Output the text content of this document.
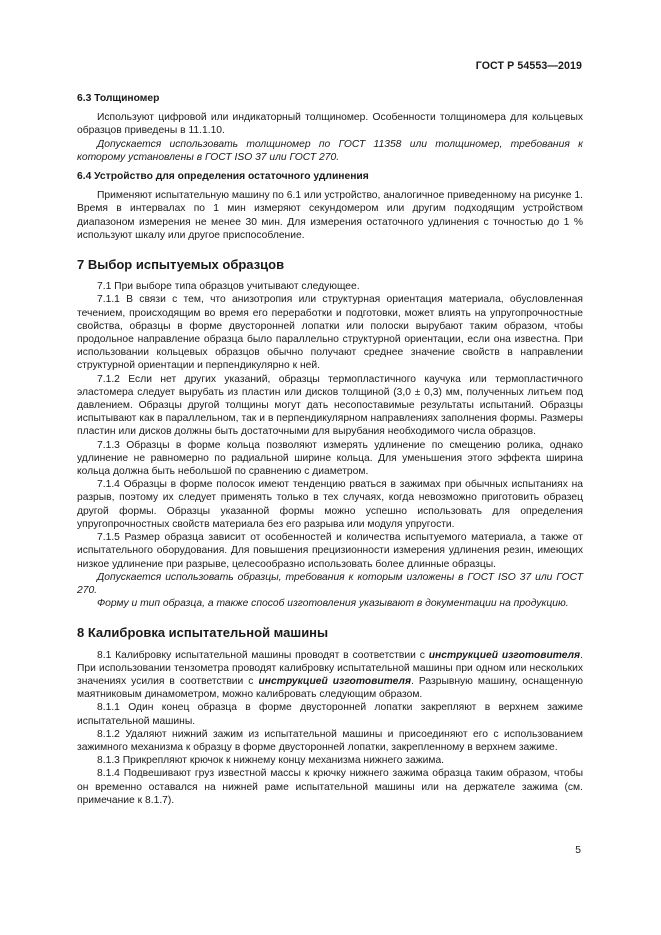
ГОСТ Р 54553—2019

6.3 Толщиномер

Используют цифровой или индикаторный толщиномер. Особенности толщиномера для кольцевых образцов приведены в 11.1.10.

Допускается использовать толщиномер по ГОСТ 11358 или толщиномер, требования к которому установлены в ГОСТ ISO 37 или ГОСТ 270.

6.4 Устройство для определения остаточного удлинения

Применяют испытательную машину по 6.1 или устройство, аналогичное приведенному на рисунке 1. Время в интервалах по 1 мин измеряют секундомером или другим подходящим устройством диапазоном измерения не менее 30 мин. Для измерения остаточного удлинения с точностью до 1 % используют шкалу или другое приспособление.

7 Выбор испытуемых образцов

7.1 При выборе типа образцов учитывают следующее.

7.1.1 В связи с тем, что анизотропия или структурная ориентация материала, обусловленная течением, происходящим во время его переработки и подготовки, может влиять на упругопрочностные свойства, образцы в форме двусторонней лопатки или полоски вырубают таким образом, чтобы продольное направление образца было параллельно структурной ориентации, если она известна. При использовании кольцевых образцов обычно получают среднее значение свойств в направлении структурной ориентации и перпендикулярно к ней.

7.1.2 Если нет других указаний, образцы термопластичного каучука или термопластичного эластомера следует вырубать из пластин или дисков толщиной (3,0 ± 0,3) мм, полученных литьем под давлением. Образцы другой толщины могут дать несопоставимые результаты испытаний. Образцы испытывают как в параллельном, так и в перпендикулярном направлениях заполнения формы. Размеры пластин или дисков должны быть достаточными для вырубания необходимого числа образцов.

7.1.3 Образцы в форме кольца позволяют измерять удлинение по смещению ролика, однако удлинение не равномерно по радиальной ширине кольца. Для уменьшения этого эффекта ширина кольца должна быть небольшой по сравнению с диаметром.

7.1.4 Образцы в форме полосок имеют тенденцию рваться в зажимах при обычных испытаниях на разрыв, поэтому их следует применять только в тех случаях, когда невозможно приготовить образец другой формы. Образцы указанной формы можно успешно использовать для определения упругопрочностных свойств материала без его разрыва или модуля упругости.

7.1.5 Размер образца зависит от особенностей и количества испытуемого материала, а также от испытательного оборудования. Для повышения прецизионности измерения удлинения резин, имеющих низкое удлинение при разрыве, целесообразно использовать более длинные образцы.

Допускается использовать образцы, требования к которым изложены в ГОСТ ISO 37 или ГОСТ 270.

Форму и тип образца, а также способ изготовления указывают в документации на продукцию.

8 Калибровка испытательной машины

8.1 Калибровку испытательной машины проводят в соответствии с инструкцией изготовителя. При использовании тензометра проводят калибровку испытательной машины при одном или нескольких значениях усилия в соответствии с инструкцией изготовителя. Разрывную машину, оснащенную маятниковым динамометром, можно калибровать следующим образом.

8.1.1 Один конец образца в форме двусторонней лопатки закрепляют в верхнем зажиме испытательной машины.

8.1.2 Удаляют нижний зажим из испытательной машины и присоединяют его с использованием зажимного механизма к образцу в форме двусторонней лопатки, закрепленному в верхнем зажиме.

8.1.3 Прикрепляют крючок к нижнему концу механизма нижнего зажима.

8.1.4 Подвешивают груз известной массы к крючку нижнего зажима образца таким образом, чтобы он временно оставался на нижней раме испытательной машины или на держателе зажима (см. примечание к 8.1.7).

5
